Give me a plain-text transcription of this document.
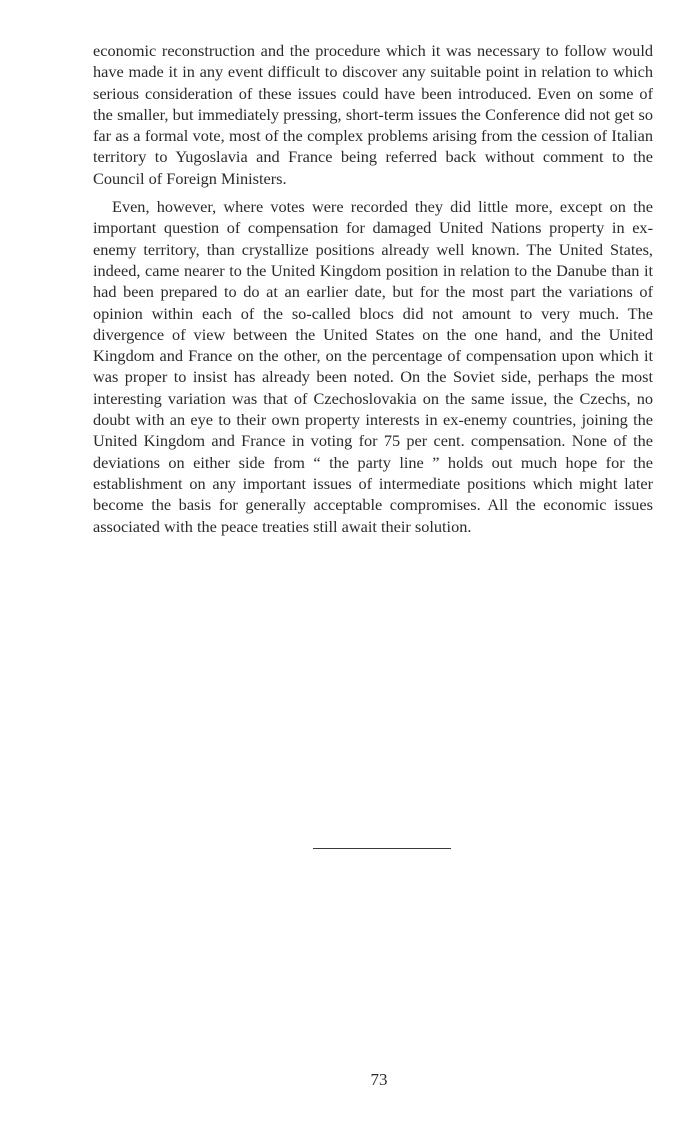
economic reconstruction and the procedure which it was necessary to follow would have made it in any event difficult to discover any suitable point in relation to which serious consideration of these issues could have been introduced. Even on some of the smaller, but immediately pressing, short-term issues the Conference did not get so far as a formal vote, most of the complex problems arising from the cession of Italian territory to Yugoslavia and France being referred back without comment to the Council of Foreign Ministers.

Even, however, where votes were recorded they did little more, except on the important question of compensation for damaged United Nations property in ex-enemy territory, than crystallize positions already well known. The United States, indeed, came nearer to the United Kingdom position in relation to the Danube than it had been prepared to do at an earlier date, but for the most part the variations of opinion within each of the so-called blocs did not amount to very much. The divergence of view between the United States on the one hand, and the United Kingdom and France on the other, on the percentage of compensation upon which it was proper to insist has already been noted. On the Soviet side, perhaps the most interesting variation was that of Czechoslovakia on the same issue, the Czechs, no doubt with an eye to their own property interests in ex-enemy countries, joining the United Kingdom and France in voting for 75 per cent. compensation. None of the deviations on either side from “ the party line ” holds out much hope for the establishment on any important issues of intermediate positions which might later become the basis for generally acceptable compromises. All the economic issues associated with the peace treaties still await their solution.

73
